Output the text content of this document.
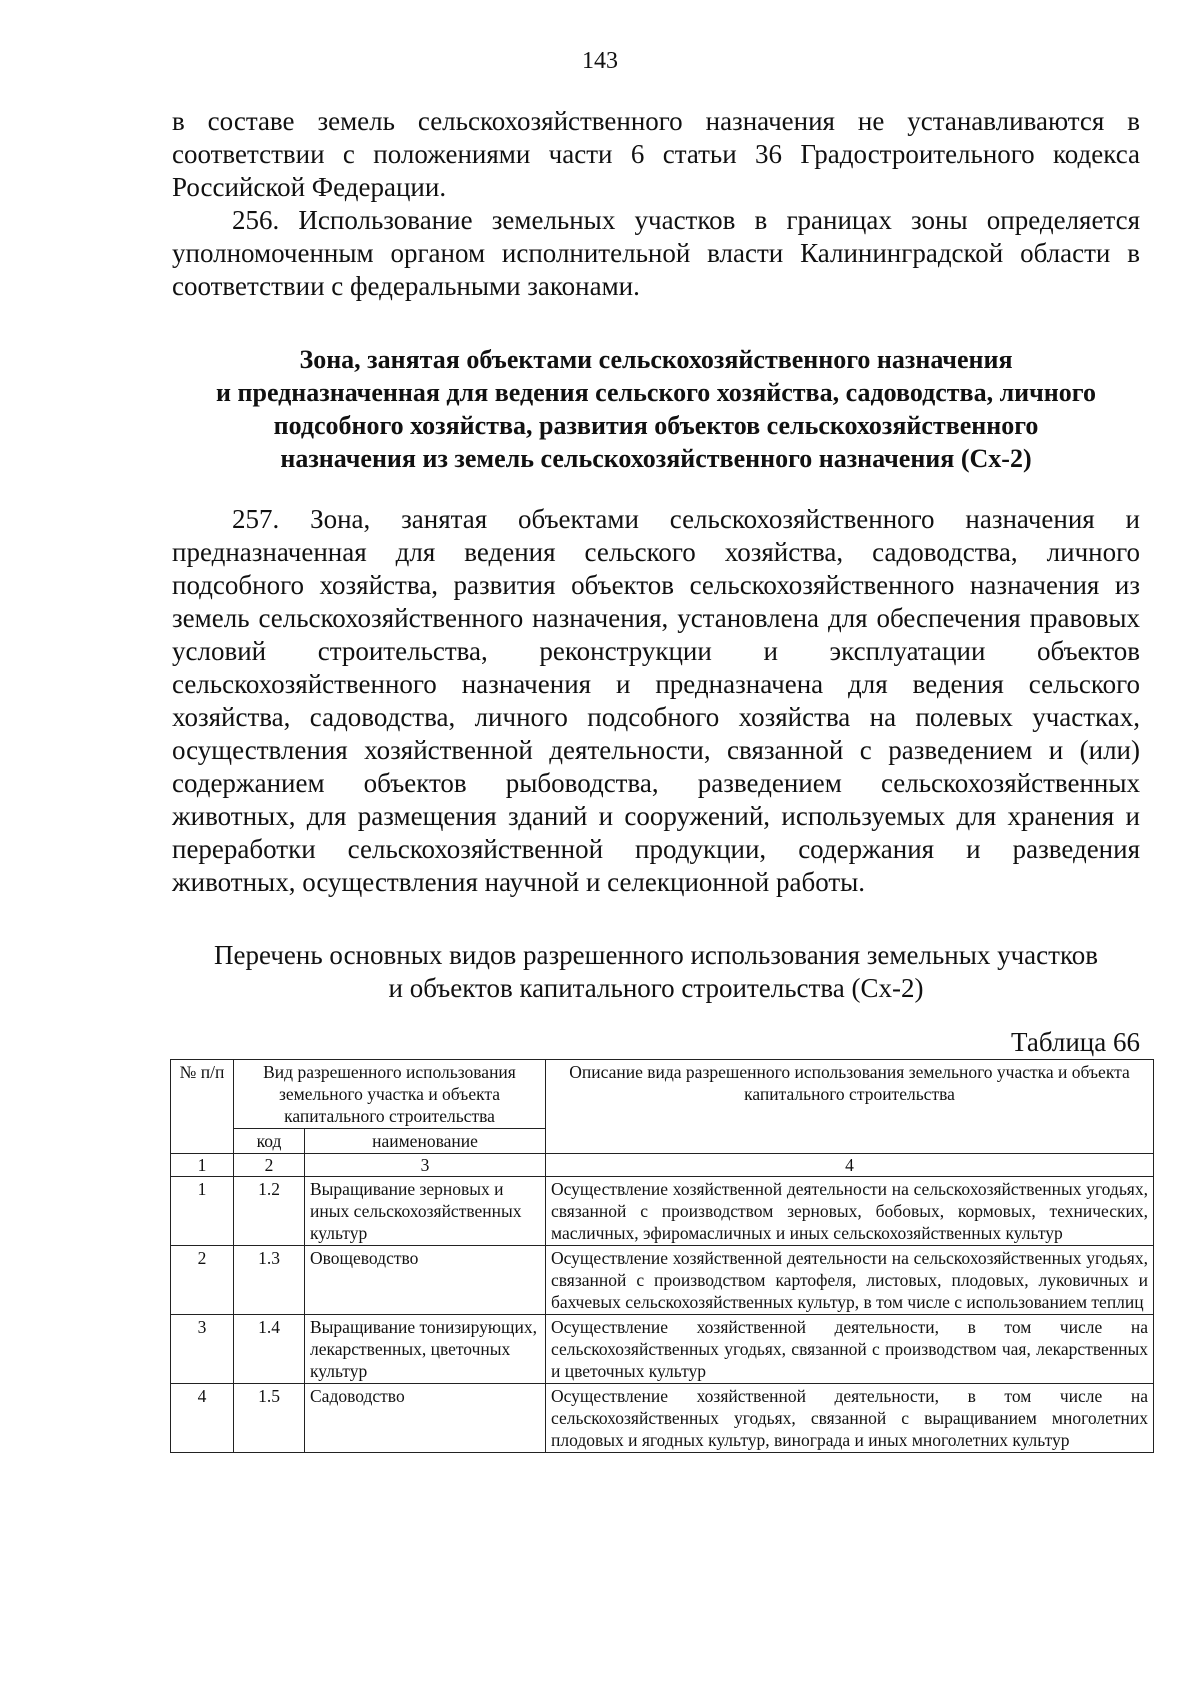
143

в составе земель сельскохозяйственного назначения не устанавливаются в соответствии с положениями части 6 статьи 36 Градостроительного кодекса Российской Федерации.

256. Использование земельных участков в границах зоны определяется уполномоченным органом исполнительной власти Калининградской области в соответствии с федеральными законами.

Зона, занятая объектами сельскохозяйственного назначения
и предназначенная для ведения сельского хозяйства, садоводства, личного
подсобного хозяйства, развития объектов сельскохозяйственного
назначения из земель сельскохозяйственного назначения (Сх-2)

257. Зона, занятая объектами сельскохозяйственного назначения и предназначенная для ведения сельского хозяйства, садоводства, личного подсобного хозяйства, развития объектов сельскохозяйственного назначения из земель сельскохозяйственного назначения, установлена для обеспечения правовых условий строительства, реконструкции и эксплуатации объектов сельскохозяйственного назначения и предназначена для ведения сельского хозяйства, садоводства, личного подсобного хозяйства на полевых участках, осуществления хозяйственной деятельности, связанной с разведением и (или) содержанием объектов рыбоводства, разведением сельскохозяйственных животных, для размещения зданий и сооружений, используемых для хранения и переработки сельскохозяйственной продукции, содержания и разведения животных, осуществления научной и селекционной работы.

Перечень основных видов разрешенного использования земельных участков
и объектов капитального строительства (Сх-2)
Таблица 66
№ п/п	Вид разрешенного использования земельного участка и объекта капитального строительства		Описание вида разрешенного использования земельного участка и объекта капитального строительства
	код	наименование	
1	2	3	4
1	1.2	Выращивание зерновых и иных сельскохозяйственных культур	Осуществление хозяйственной деятельности на сельскохозяйственных угодьях, связанной с производством зерновых, бобовых, кормовых, технических, масличных, эфиромасличных и иных сельскохозяйственных культур
2	1.3	Овощеводство	Осуществление хозяйственной деятельности на сельскохозяйственных угодьях, связанной с производством картофеля, листовых, плодовых, луковичных и бахчевых сельскохозяйственных культур, в том числе с использованием теплиц
3	1.4	Выращивание тонизирующих, лекарственных, цветочных культур	Осуществление хозяйственной деятельности, в том числе на сельскохозяйственных угодьях, связанной с производством чая, лекарственных и цветочных культур
4	1.5	Садоводство	Осуществление хозяйственной деятельности, в том числе на сельскохозяйственных угодьях, связанной с выращиванием многолетних плодовых и ягодных культур, винограда и иных многолетних культур
